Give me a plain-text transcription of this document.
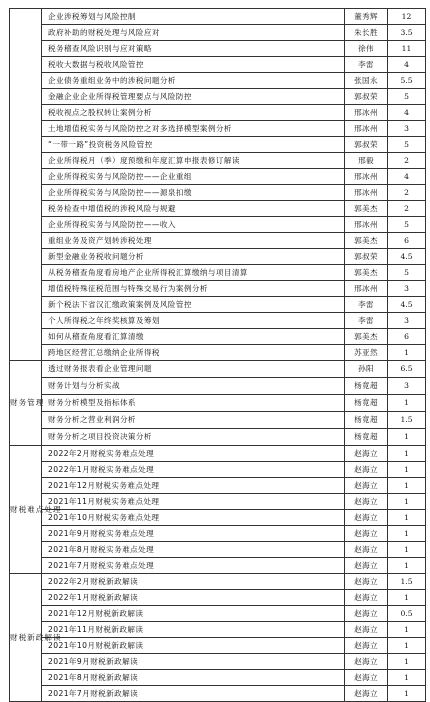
	企业涉税筹划与风险控制	董秀辉	12
	政府补助的财税处理与风险应对	朱长胜	3.5
	税务稽查风险识别与应对策略	徐伟	11
	税收大数据与税收风险管控	李雷	4
	企业债务重组业务中的涉税问题分析	张国永	5.5
	金融企业企业所得税管理要点与风险防控	郭叔荣	5
	税收视点之股权转让案例分析	邢冰州	4
	土地增值税实务与风险防控之对多选择模型案例分析	邢冰州	3
	“一带一路”投资税务风险管控	郭叔荣	5
	企业所得税月（季）度预缴和年度汇算申报表修订解读	邢毅	2
	企业所得税实务与风险防控——企业重组	邢冰州	4
	企业所得税实务与风险防控——源泉扣缴	邢冰州	2
	税务检查中增值税的涉税风险与规避	郭美杰	2
	企业所得税实务与风险防控——收入	邢冰州	5
	重组业务及资产划转涉税处理	郭美杰	6
	新型金融业务税收问题分析	郭叔荣	4.5
	从税务稽查角度看房地产企业所得税汇算缴纳与项目清算	郭美杰	5
	增值税特殊征税范围与特殊交易行为案例分析	邢冰州	3
	新个税法下省汉汇缴政策案例及风险管控	李雷	4.5
	个人所得税之年终奖核算及筹划	李雷	3
	如何从稽查角度看汇算清缴	郭美杰	6
	跨地区经营汇总缴纳企业所得税	苏亚然	1
财务管理	透过财务报表看企业管理问题	孙阳	6.5
	财务计划与分析实战	杨竟超	3
	财务分析模型及指标体系	杨竟超	1
	财务分析之营业利润分析	杨竟超	1.5
	财务分析之项目投资决策分析	杨竟超	1
财税难点处理	2022年2月财税实务难点处理	赵海立	1
	2022年1月财税实务难点处理	赵海立	1
	2021年12月财税实务难点处理	赵海立	1
	2021年11月财税实务难点处理	赵海立	1
	2021年10月财税实务难点处理	赵海立	1
	2021年9月财税实务难点处理	赵海立	1
	2021年8月财税实务难点处理	赵海立	1
	2021年7月财税实务难点处理	赵海立	1
财税新政解读	2022年2月财税新政解读	赵海立	1.5
	2022年1月财税新政解读	赵海立	1
	2021年12月财税新政解读	赵海立	0.5
	2021年11月财税新政解读	赵海立	1
	2021年10月财税新政解读	赵海立	1
	2021年9月财税新政解读	赵海立	1
	2021年8月财税新政解读	赵海立	1
	2021年7月财税新政解读	赵海立	1
